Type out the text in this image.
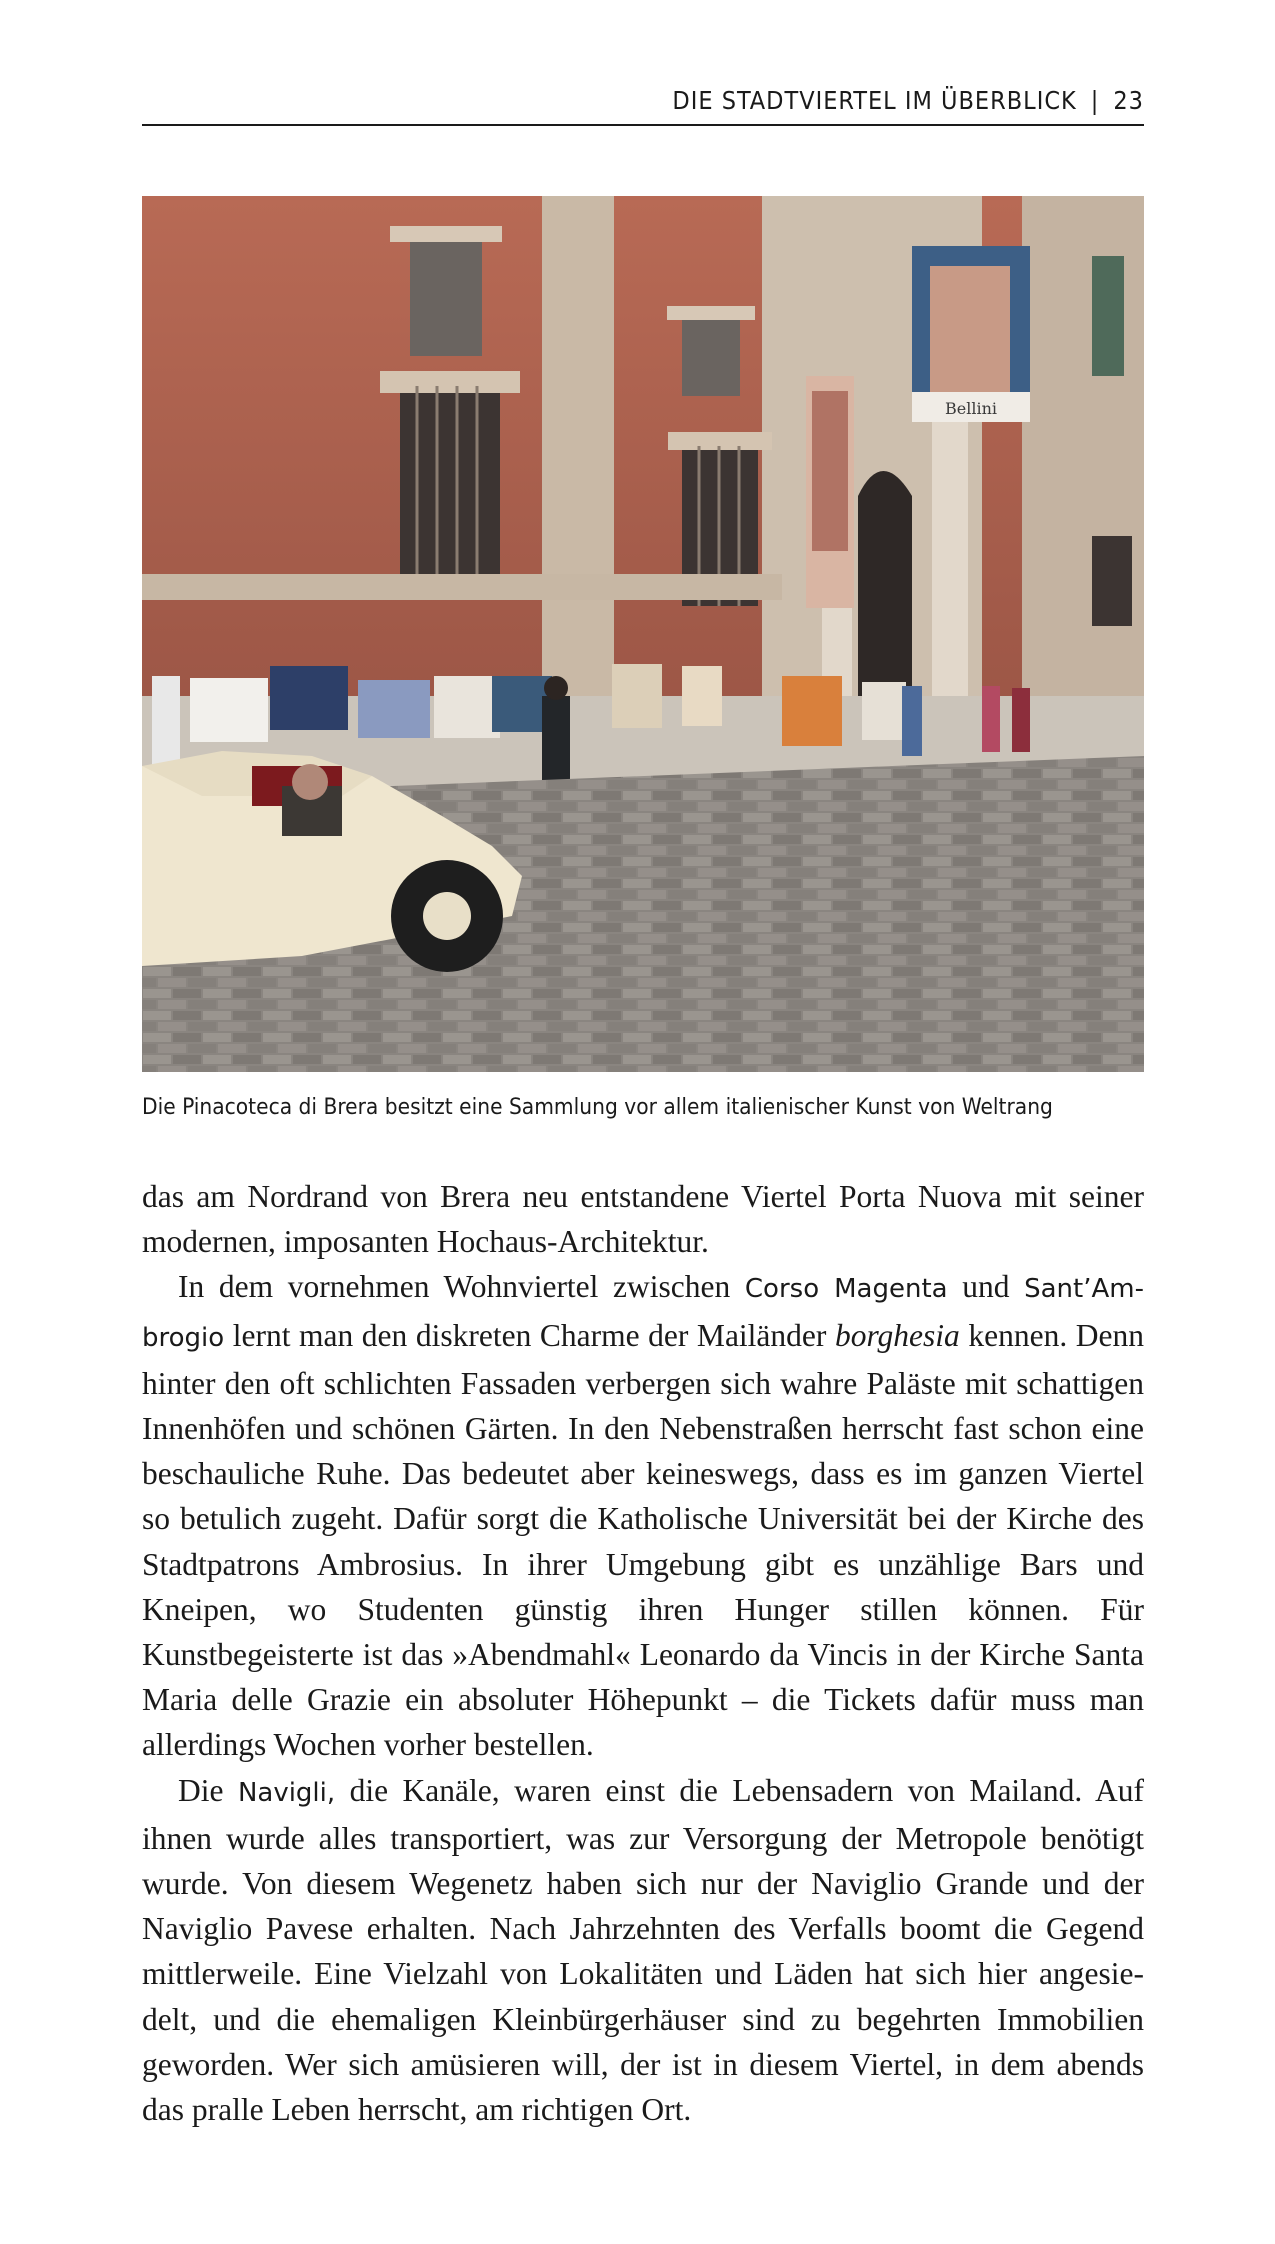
DIE STADTVIERTEL IM ÜBERBLICK | 23
Bellini
Die Pinacoteca di Brera besitzt eine Sammlung vor allem italienischer Kunst von Weltrang

das am Nordrand von Brera neu entstandene Viertel Porta Nuova mit seiner modernen, imposanten Hochaus-Architektur.

In dem vornehmen Wohnviertel zwischen Corso Magenta und Sant’Ambrogio lernt man den diskreten Charme der Mailänder borghesia kennen. Denn hinter den oft schlichten Fassaden verbergen sich wahre Paläste mit schattigen Innenhöfen und schönen Gärten. In den Nebenstraßen herrscht fast schon eine beschauliche Ruhe. Das bedeutet aber keineswegs, dass es im ganzen Viertel so betulich zugeht. Dafür sorgt die Katholische Universität bei der Kirche des Stadtpatrons Ambrosius. In ihrer Umgebung gibt es unzählige Bars und Kneipen, wo Studenten günstig ihren Hunger stillen können. Für Kunstbegeisterte ist das »Abendmahl« Leonardo da Vincis in der Kirche Santa Maria delle Grazie ein absoluter Höhepunkt – die Tickets dafür muss man allerdings Wochen vorher bestellen.

Die Navigli, die Kanäle, waren einst die Lebensadern von Mailand. Auf ihnen wurde alles transportiert, was zur Versorgung der Metropole benötigt wurde. Von diesem Wegenetz haben sich nur der Naviglio Grande und der Naviglio Pavese erhalten. Nach Jahrzehnten des Verfalls boomt die Gegend mittlerweile. Eine Vielzahl von Lokalitäten und Läden hat sich hier angesiedelt, und die ehemaligen Kleinbürgerhäuser sind zu begehrten Immobilien geworden. Wer sich amüsieren will, der ist in diesem Viertel, in dem abends das pralle Leben herrscht, am richtigen Ort.
